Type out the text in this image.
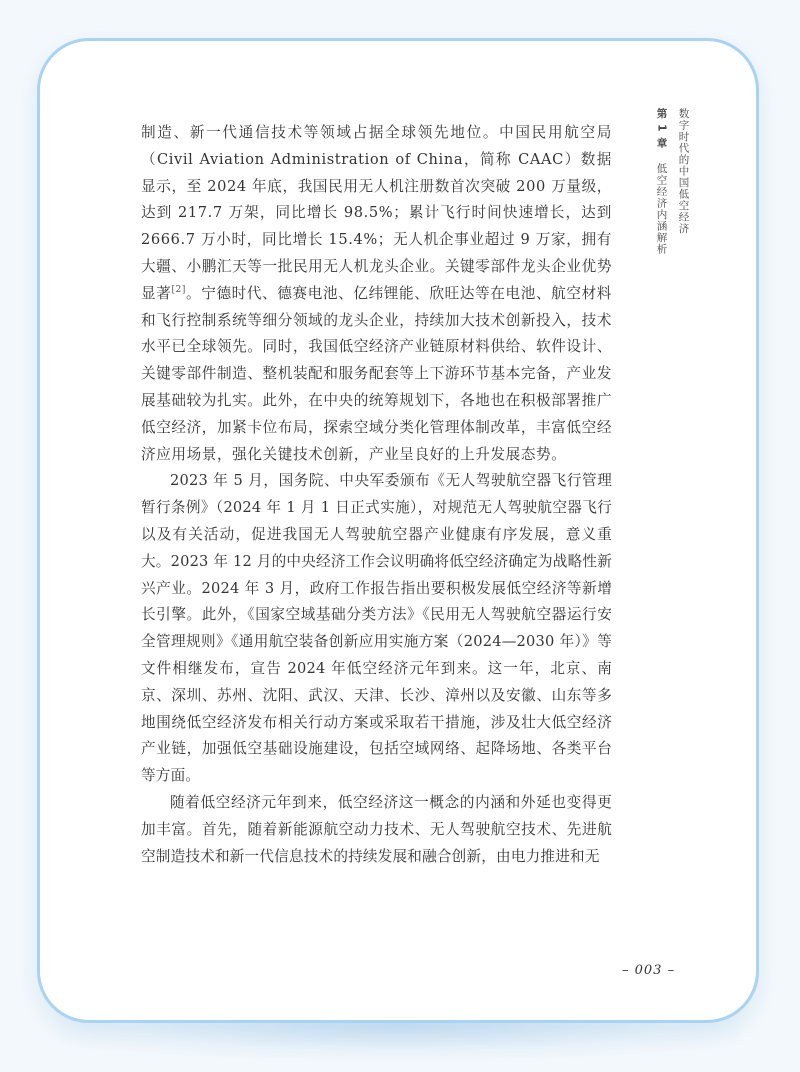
制造、新一代通信技术等领域占据全球领先地位。中国民用航空局（Civil Aviation Administration of China，简称 CAAC）数据显示，至 2024 年底，我国民用无人机注册数首次突破 200 万量级，达到 217.7 万架，同比增长 98.5%；累计飞行时间快速增长，达到 2666.7 万小时，同比增长 15.4%；无人机企事业超过 9 万家，拥有大疆、小鹏汇天等一批民用无人机龙头企业。关键零部件龙头企业优势显著[2]。宁德时代、德赛电池、亿纬锂能、欣旺达等在电池、航空材料和飞行控制系统等细分领域的龙头企业，持续加大技术创新投入，技术水平已全球领先。同时，我国低空经济产业链原材料供给、软件设计、关键零部件制造、整机装配和服务配套等上下游环节基本完备，产业发展基础较为扎实。此外，在中央的统筹规划下，各地也在积极部署推广低空经济，加紧卡位布局，探索空域分类化管理体制改革，丰富低空经济应用场景，强化关键技术创新，产业呈良好的上升发展态势。

2023 年 5 月，国务院、中央军委颁布《无人驾驶航空器飞行管理暂行条例》（2024 年 1 月 1 日正式实施），对规范无人驾驶航空器飞行以及有关活动，促进我国无人驾驶航空器产业健康有序发展，意义重大。2023 年 12 月的中央经济工作会议明确将低空经济确定为战略性新兴产业。2024 年 3 月，政府工作报告指出要积极发展低空经济等新增长引擎。此外，《国家空域基础分类方法》《民用无人驾驶航空器运行安全管理规则》《通用航空装备创新应用实施方案（2024—2030 年）》等文件相继发布，宣告 2024 年低空经济元年到来。这一年，北京、南京、深圳、苏州、沈阳、武汉、天津、长沙、漳州以及安徽、山东等多地围绕低空经济发布相关行动方案或采取若干措施，涉及壮大低空经济产业链，加强低空基础设施建设，包括空域网络、起降场地、各类平台等方面。

随着低空经济元年到来，低空经济这一概念的内涵和外延也变得更加丰富。首先，随着新能源航空动力技术、无人驾驶航空技术、先进航空制造技术和新一代信息技术的持续发展和融合创新，由电力推进和无

数字时代的中国低空经济
第 1 章低空经济内涵解析
– 003 –
